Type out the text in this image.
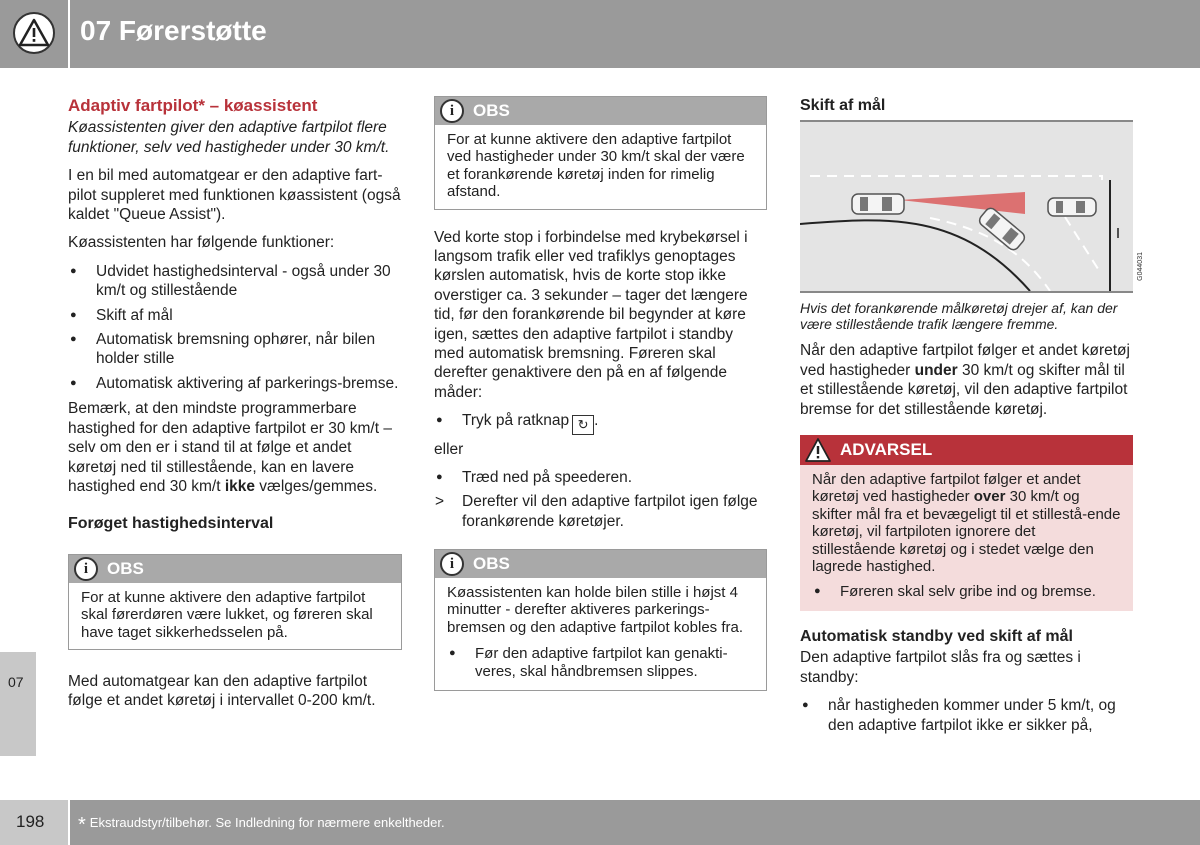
07 Førerstøtte
07
Adaptiv fartpilot* – køassistent

Køassistenten giver den adaptive fartpilot flere funktioner, selv ved hastigheder under 30 km/t.

I en bil med automatgear er den adaptive fart-pilot suppleret med funktionen køassistent (også kaldet "Queue Assist").

Køassistenten har følgende funktioner:

● Udvidet hastighedsinterval - også under 30 km/t og stillestående
● Skift af mål
● Automatisk bremsning ophører, når bilen holder stille
● Automatisk aktivering af parkerings-bremse.

Bemærk, at den mindste programmerbare hastighed for den adaptive fartpilot er 30 km/t – selv om den er i stand til at følge et andet køretøj ned til stillestående, kan en lavere hastighed end 30 km/t ikke vælges/gemmes.

Forøget hastighedsinterval
i	OBS
For at kunne aktivere den adaptive fartpilot skal førerdøren være lukket, og føreren skal have taget sikkerhedsselen på.

Med automatgear kan den adaptive fartpilot følge et andet køretøj i intervallet 0-200 km/t.

i	OBS
For at kunne aktivere den adaptive fartpilot ved hastigheder under 30 km/t skal der være et forankørende køretøj inden for rimelig afstand.

Ved korte stop i forbindelse med krybekørsel i langsom trafik eller ved trafiklys genoptages kørslen automatisk, hvis de korte stop ikke overstiger ca. 3 sekunder – tager det længere tid, før den forankørende bil begynder at køre igen, sættes den adaptive fartpilot i standby med automatisk bremsning. Føreren skal derefter genaktivere den på en af følgende måder:

● Tryk på ratknap ↻ .

eller

● Træd ned på speederen.
> Derefter vil den adaptive fartpilot igen følge forankørende køretøjer.
i	OBS
Køassistenten kan holde bilen stille i højst 4 minutter - derefter aktiveres parkerings-bremsen og den adaptive fartpilot kobles fra.
● Før den adaptive fartpilot kan genakti-veres, skal håndbremsen slippes.
Skift af mål
G044031
Hvis det forankørende målkøretøj drejer af, kan der være stillestående trafik længere fremme.

Når den adaptive fartpilot følger et andet køretøj ved hastigheder under 30 km/t og skifter mål til et stillestående køretøj, vil den adaptive fartpilot bremse for det stillestående køretøj.

ADVARSEL
Når den adaptive fartpilot følger et andet køretøj ved hastigheder over 30 km/t og skifter mål fra et bevægeligt til et stillestå-ende køretøj, vil fartpiloten ignorere det stillestående køretøj og i stedet vælge den lagrede hastighed.
● Føreren skal selv gribe ind og bremse.
Automatisk standby ved skift af mål

Den adaptive fartpilot slås fra og sættes i standby:

● når hastigheden kommer under 5 km/t, og den adaptive fartpilot ikke er sikker på,
198 * Ekstraudstyr/tilbehør. Se Indledning for nærmere enkeltheder.
